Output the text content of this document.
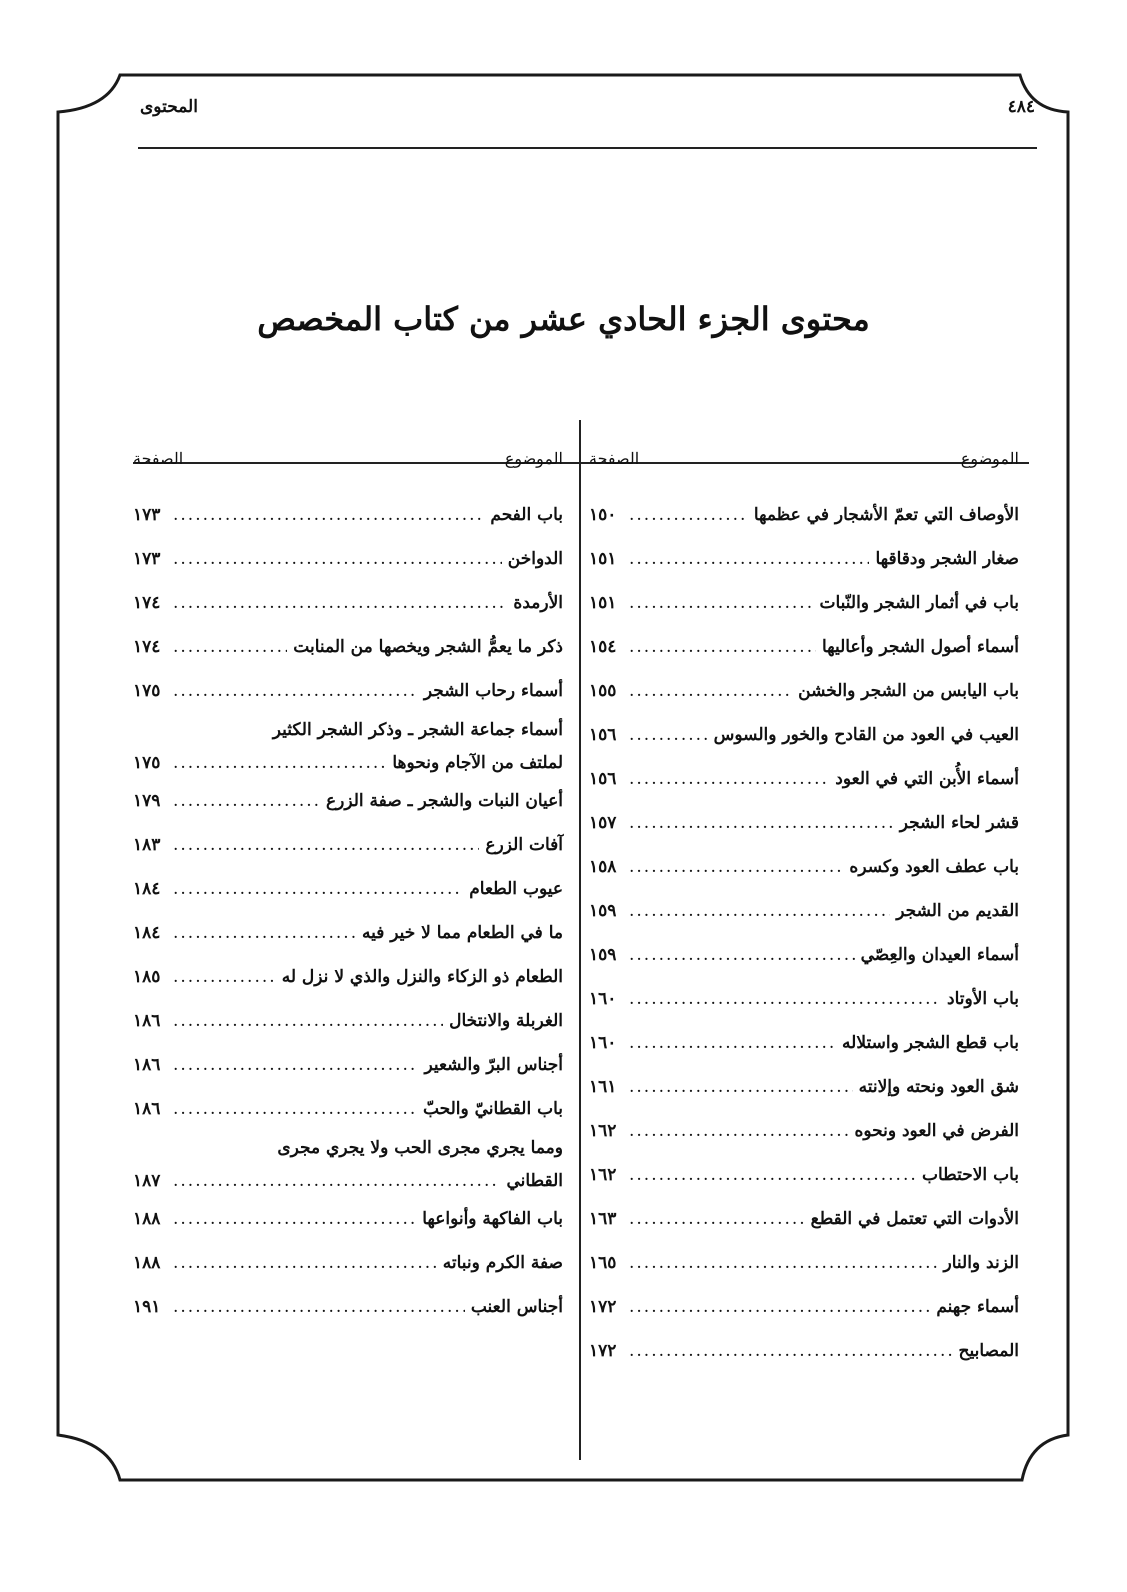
المحتوى	٤٨٤
محتوى الجزء الحادي عشر من كتاب المخصص
الموضوع
الصفحة
الأوصاف التي تعمّ الأشجار في عظمها
.....
١٥٠
صغار الشجر ودقاقها
.....
١٥١
باب في أثمار الشجر والنّبات
.....
١٥١
أسماء أصول الشجر وأعاليها
.....
١٥٤
باب اليابس من الشجر والخشن
.....
١٥٥
العيب في العود من القادح والخور والسوس
.....
١٥٦
أسماء الأُبن التي في العود
.....
١٥٦
قشر لحاء الشجر
.....
١٥٧
باب عطف العود وكسره
.....
١٥٨
القديم من الشجر
.....
١٥٩
أسماء العيدان والعِصّي
.....
١٥٩
باب الأوتاد
.....
١٦٠
باب قطع الشجر واستلاله
.....
١٦٠
شق العود ونحته وإلانته
.....
١٦١
الفرض في العود ونحوه
.....
١٦٢
باب الاحتطاب
.....
١٦٢
الأدوات التي تعتمل في القطع
.....
١٦٣
الزند والنار
.....
١٦٥
أسماء جهنم
.....
١٧٢
المصابيح
.....
١٧٢
الموضوع
الصفحة
باب الفحم
.....
١٧٣
الدواخن
.....
١٧٣
الأرمدة
.....
١٧٤
ذكر ما يعمُّ الشجر ويخصها من المنابت
.....
١٧٤
أسماء رحاب الشجر
.....
١٧٥
أسماء جماعة الشجر ـ وذكر الشجر الكثير
لملتف من الآجام ونحوها
.....
١٧٥
أعيان النبات والشجر ـ صفة الزرع
.....
١٧٩
آفات الزرع
.....
١٨٣
عيوب الطعام
.....
١٨٤
ما في الطعام مما لا خير فيه
.....
١٨٤
الطعام ذو الزكاء والنزل والذي لا نزل له
.....
١٨٥
الغربلة والانتخال
.....
١٨٦
أجناس البرّ والشعير
.....
١٨٦
باب القطانيّ والحبّ
.....
١٨٦
ومما يجري مجرى الحب ولا يجري مجرى
القطاني
.....
١٨٧
باب الفاكهة وأنواعها
.....
١٨٨
صفة الكرم ونباته
.....
١٨٨
أجناس العنب
.....
١٩١
